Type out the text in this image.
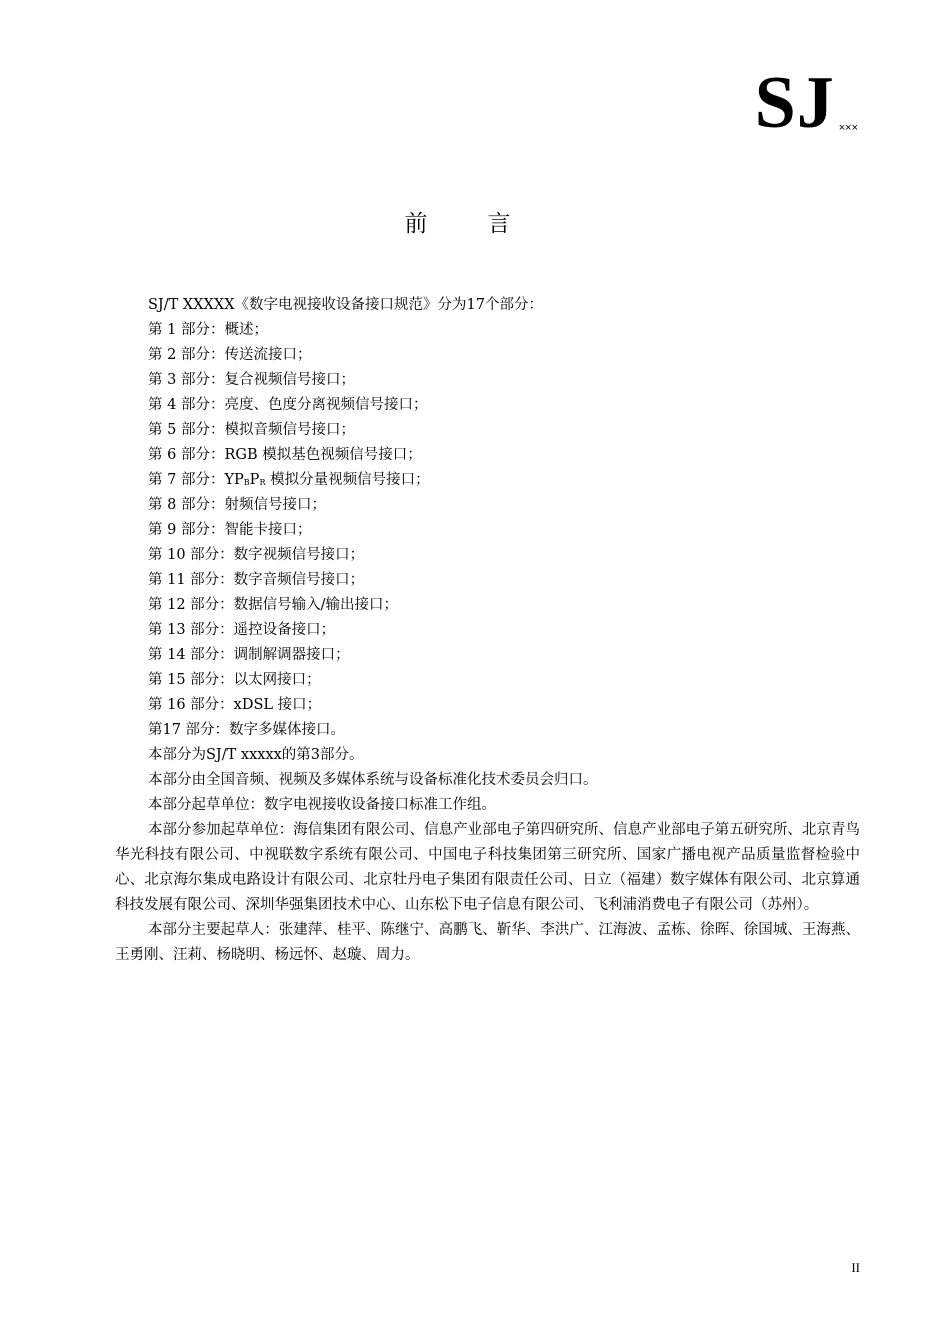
SJ ×××
前言

SJ/T XXXXX《数字电视接收设备接口规范》分为17个部分：

第 1 部分：概述；
第 2 部分：传送流接口；
第 3 部分：复合视频信号接口；
第 4 部分：亮度、色度分离视频信号接口；
第 5 部分：模拟音频信号接口；
第 6 部分：RGB 模拟基色视频信号接口；
第 7 部分：$YP_BP_R$ 模拟分量视频信号接口；
第 8 部分：射频信号接口；
第 9 部分：智能卡接口；
第 10 部分：数字视频信号接口；
第 11 部分：数字音频信号接口；
第 12 部分：数据信号输入/输出接口；
第 13 部分：遥控设备接口；
第 14 部分：调制解调器接口；
第 15 部分：以太网接口；
第 16 部分：xDSL 接口；
第17 部分：数字多媒体接口。

本部分为SJ/T xxxxx的第3部分。

本部分由全国音频、视频及多媒体系统与设备标准化技术委员会归口。

本部分起草单位：数字电视接收设备接口标准工作组。

本部分参加起草单位：海信集团有限公司、信息产业部电子第四研究所、信息产业部电子第五研究所、北京青鸟华光科技有限公司、中视联数字系统有限公司、中国电子科技集团第三研究所、国家广播电视产品质量监督检验中心、北京海尔集成电路设计有限公司、北京牡丹电子集团有限责任公司、日立（福建）数字媒体有限公司、北京算通科技发展有限公司、深圳华强集团技术中心、山东松下电子信息有限公司、飞利浦消费电子有限公司（苏州）。

本部分主要起草人：张建萍、桂平、陈继宁、高鹏飞、靳华、李洪广、江海波、孟栋、徐晖、徐国城、王海燕、王勇刚、汪莉、杨晓明、杨远怀、赵璇、周力。

II
